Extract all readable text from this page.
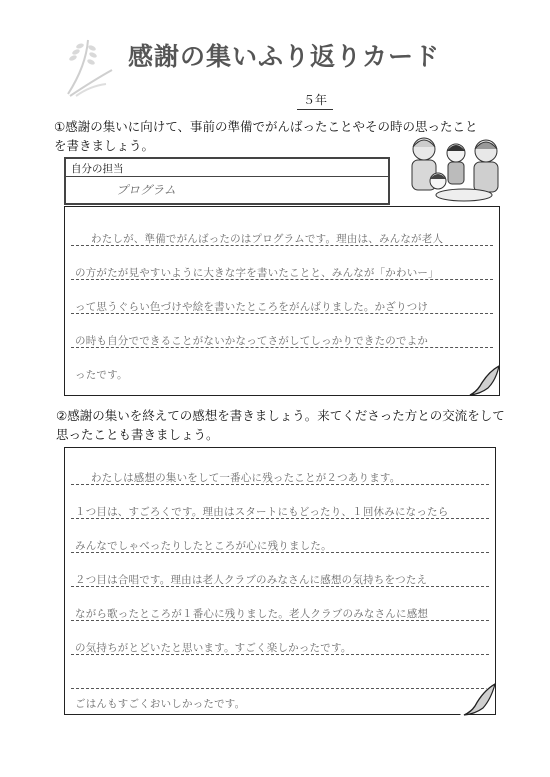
感謝の集いふり返りカード
５年
①感謝の集いに向けて、事前の準備でがんばったことやその時の思ったことを書きましょう。
自分の担当
プログラム
わたしが、準備でがんばったのはプログラムです。理由は、みんなが老人
の方がたが見やすいように大きな字を書いたことと、みんなが「かわいー」
って思うぐらい色づけや絵を書いたところをがんばりました。かざりつけ
の時も自分でできることがないかなってさがしてしっかりできたのでよか
ったです。
②感謝の集いを終えての感想を書きましょう。来てくださった方との交流をして思ったことも書きましょう。
わたしは感想の集いをして一番心に残ったことが２つあります。
１つ目は、すごろくです。理由はスタートにもどったり、１回休みになったら
みんなでしゃべったりしたところが心に残りました。
２つ目は合唱です。理由は老人クラブのみなさんに感想の気持ちをつたえ
ながら歌ったところが１番心に残りました。老人クラブのみなさんに感想
の気持ちがとどいたと思います。すごく楽しかったです。
ごはんもすごくおいしかったです。
